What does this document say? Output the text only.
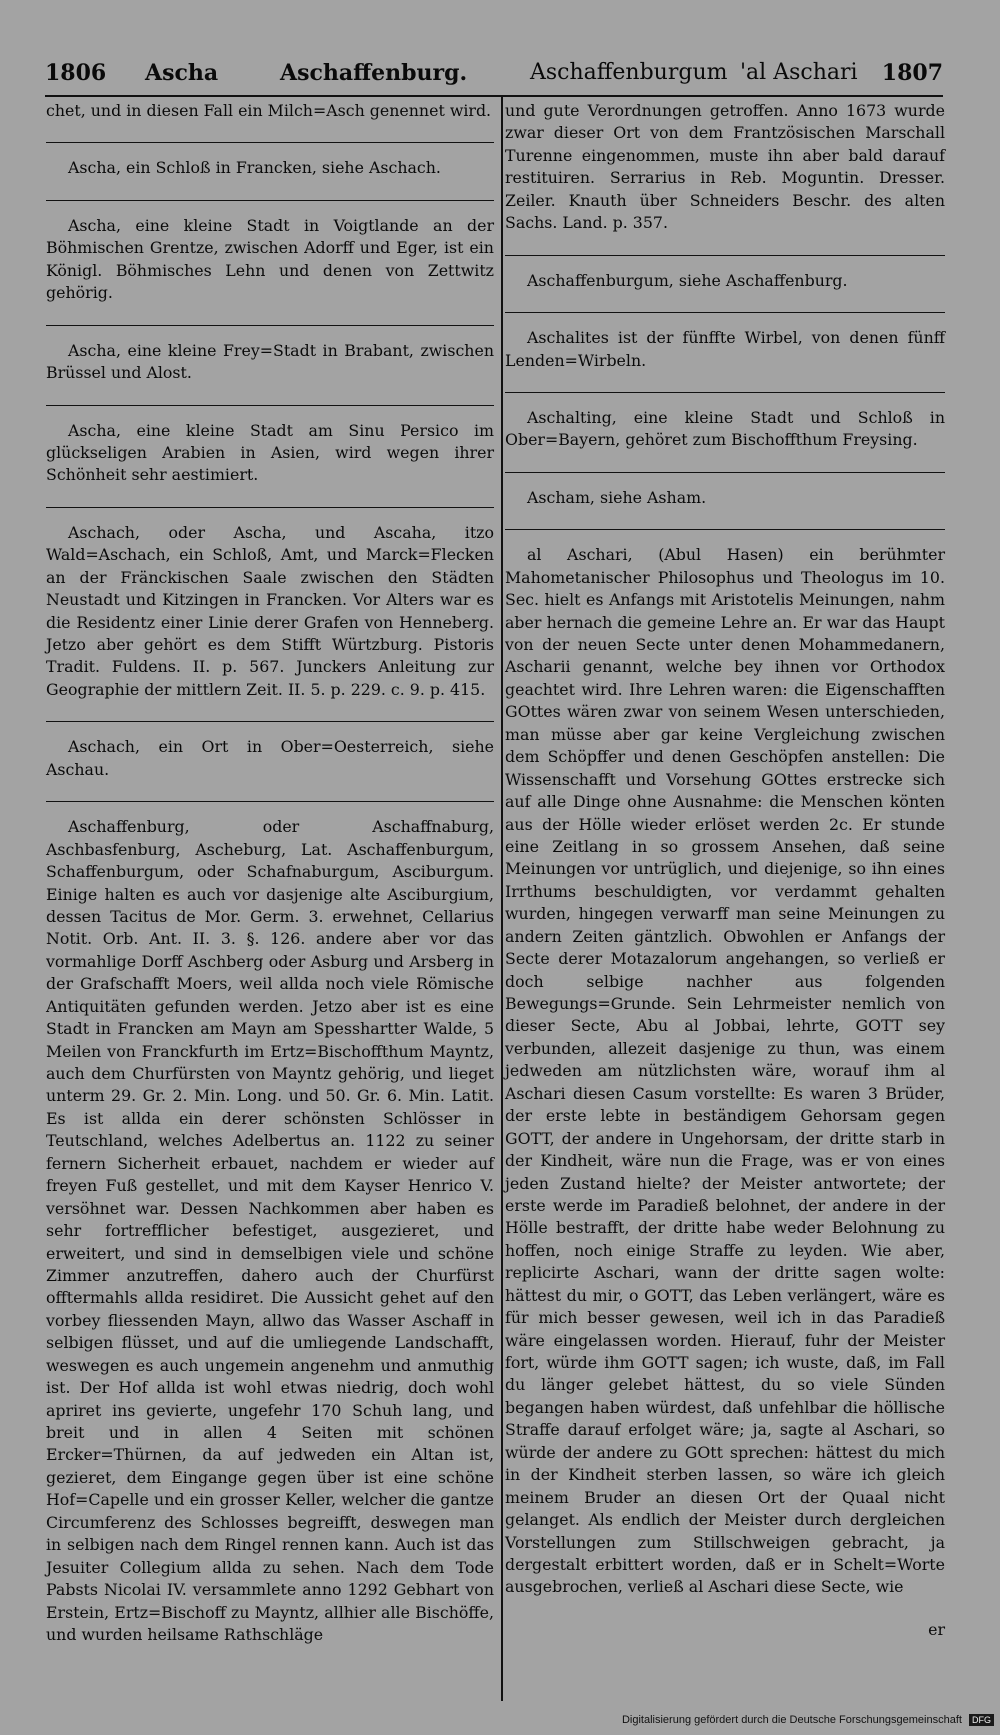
1806 Ascha	Aschaffenburg.	Aschaffenburgum 'al Aschari 1807

chet, und in diesen Fall ein Milch=Asch genennet wird.

Ascha, ein Schloß in Francken, siehe Aschach.

Ascha, eine kleine Stadt in Voigtlande an der Böhmischen Grentze, zwischen Adorff und Eger, ist ein Königl. Böhmisches Lehn und denen von Zettwitz gehörig.

Ascha, eine kleine Frey=Stadt in Brabant, zwischen Brüssel und Alost.

Ascha, eine kleine Stadt am Sinu Persico im glückseligen Arabien in Asien, wird wegen ihrer Schönheit sehr aestimiert.

Aschach, oder Ascha, und Ascaha, itzo Wald=Aschach, ein Schloß, Amt, und Marck=Flecken an der Fränckischen Saale zwischen den Städten Neustadt und Kitzingen in Francken. Vor Alters war es die Residentz einer Linie derer Grafen von Henneberg. Jetzo aber gehört es dem Stifft Würtzburg. Pistoris Tradit. Fuldens. II. p. 567. Junckers Anleitung zur Geographie der mittlern Zeit. II. 5. p. 229. c. 9. p. 415.

Aschach, ein Ort in Ober=Oesterreich, siehe Aschau.

Aschaffenburg, oder Aschaffnaburg, Aschbasfenburg, Ascheburg, Lat. Aschaffenburgum, Schaffenburgum, oder Schafnaburgum, Asciburgum. Einige halten es auch vor dasjenige alte Asciburgium, dessen Tacitus de Mor. Germ. 3. erwehnet, Cellarius Notit. Orb. Ant. II. 3. §. 126. andere aber vor das vormahlige Dorff Aschberg oder Asburg und Arsberg in der Grafschafft Moers, weil allda noch viele Römische Antiquitäten gefunden werden. Jetzo aber ist es eine Stadt in Francken am Mayn am Spesshartter Walde, 5 Meilen von Franckfurth im Ertz=Bischoffthum Mayntz, auch dem Churfürsten von Mayntz gehörig, und lieget unterm 29. Gr. 2. Min. Long. und 50. Gr. 6. Min. Latit. Es ist allda ein derer schönsten Schlösser in Teutschland, welches Adelbertus an. 1122 zu seiner fernern Sicherheit erbauet, nachdem er wieder auf freyen Fuß gestellet, und mit dem Kayser Henrico V. versöhnet war. Dessen Nachkommen aber haben es sehr fortrefflicher befestiget, ausgezieret, und erweitert, und sind in demselbigen viele und schöne Zimmer anzutreffen, dahero auch der Churfürst offtermahls allda residiret. Die Aussicht gehet auf den vorbey fliessenden Mayn, allwo das Wasser Aschaff in selbigen flüsset, und auf die umliegende Landschafft, weswegen es auch ungemein angenehm und anmuthig ist. Der Hof allda ist wohl etwas niedrig, doch wohl apriret ins gevierte, ungefehr 170 Schuh lang, und breit und in allen 4 Seiten mit schönen Ercker=Thürnen, da auf jedweden ein Altan ist, gezieret, dem Eingange gegen über ist eine schöne Hof=Capelle und ein grosser Keller, welcher die gantze Circumferenz des Schlosses begreifft, deswegen man in selbigen nach dem Ringel rennen kann. Auch ist das Jesuiter Collegium allda zu sehen. Nach dem Tode Pabsts Nicolai IV. versammlete anno 1292 Gebhart von Erstein, Ertz=Bischoff zu Mayntz, allhier alle Bischöffe, und wurden heilsame Rathschläge

und gute Verordnungen getroffen. Anno 1673 wurde zwar dieser Ort von dem Frantzösischen Marschall Turenne eingenommen, muste ihn aber bald darauf restituiren. Serrarius in Reb. Moguntin. Dresser. Zeiler. Knauth über Schneiders Beschr. des alten Sachs. Land. p. 357.

Aschaffenburgum, siehe Aschaffenburg.

Aschalites ist der fünffte Wirbel, von denen fünff Lenden=Wirbeln.

Aschalting, eine kleine Stadt und Schloß in Ober=Bayern, gehöret zum Bischoffthum Freysing.

Ascham, siehe Asham.

al Aschari, (Abul Hasen) ein berühmter Mahometanischer Philosophus und Theologus im 10. Sec. hielt es Anfangs mit Aristotelis Meinungen, nahm aber hernach die gemeine Lehre an. Er war das Haupt von der neuen Secte unter denen Mohammedanern, Ascharii genannt, welche bey ihnen vor Orthodox geachtet wird. Ihre Lehren waren: die Eigenschafften GOttes wären zwar von seinem Wesen unterschieden, man müsse aber gar keine Vergleichung zwischen dem Schöpffer und denen Geschöpfen anstellen: Die Wissenschafft und Vorsehung GOttes erstrecke sich auf alle Dinge ohne Ausnahme: die Menschen könten aus der Hölle wieder erlöset werden 2c. Er stunde eine Zeitlang in so grossem Ansehen, daß seine Meinungen vor untrüglich, und diejenige, so ihn eines Irrthums beschuldigten, vor verdammt gehalten wurden, hingegen verwarff man seine Meinungen zu andern Zeiten gäntzlich. Obwohlen er Anfangs der Secte derer Motazalorum angehangen, so verließ er doch selbige nachher aus folgenden Bewegungs=Grunde. Sein Lehrmeister nemlich von dieser Secte, Abu al Jobbai, lehrte, GOTT sey verbunden, allezeit dasjenige zu thun, was einem jedweden am nützlichsten wäre, worauf ihm al Aschari diesen Casum vorstellte: Es waren 3 Brüder, der erste lebte in beständigem Gehorsam gegen GOTT, der andere in Ungehorsam, der dritte starb in der Kindheit, wäre nun die Frage, was er von eines jeden Zustand hielte? der Meister antwortete; der erste werde im Paradieß belohnet, der andere in der Hölle bestrafft, der dritte habe weder Belohnung zu hoffen, noch einige Straffe zu leyden. Wie aber, replicirte Aschari, wann der dritte sagen wolte: hättest du mir, o GOTT, das Leben verlängert, wäre es für mich besser gewesen, weil ich in das Paradieß wäre eingelassen worden. Hierauf, fuhr der Meister fort, würde ihm GOTT sagen; ich wuste, daß, im Fall du länger gelebet hättest, du so viele Sünden begangen haben würdest, daß unfehlbar die höllische Straffe darauf erfolget wäre; ja, sagte al Aschari, so würde der andere zu GOtt sprechen: hättest du mich in der Kindheit sterben lassen, so wäre ich gleich meinem Bruder an diesen Ort der Quaal nicht gelanget. Als endlich der Meister durch dergleichen Vorstellungen zum Stillschweigen gebracht, ja dergestalt erbittert worden, daß er in Schelt=Worte ausgebrochen, verließ al Aschari diese Secte, wie

er

Digitalisierung gefördert durch die Deutsche Forschungsgemeinschaft DFG
